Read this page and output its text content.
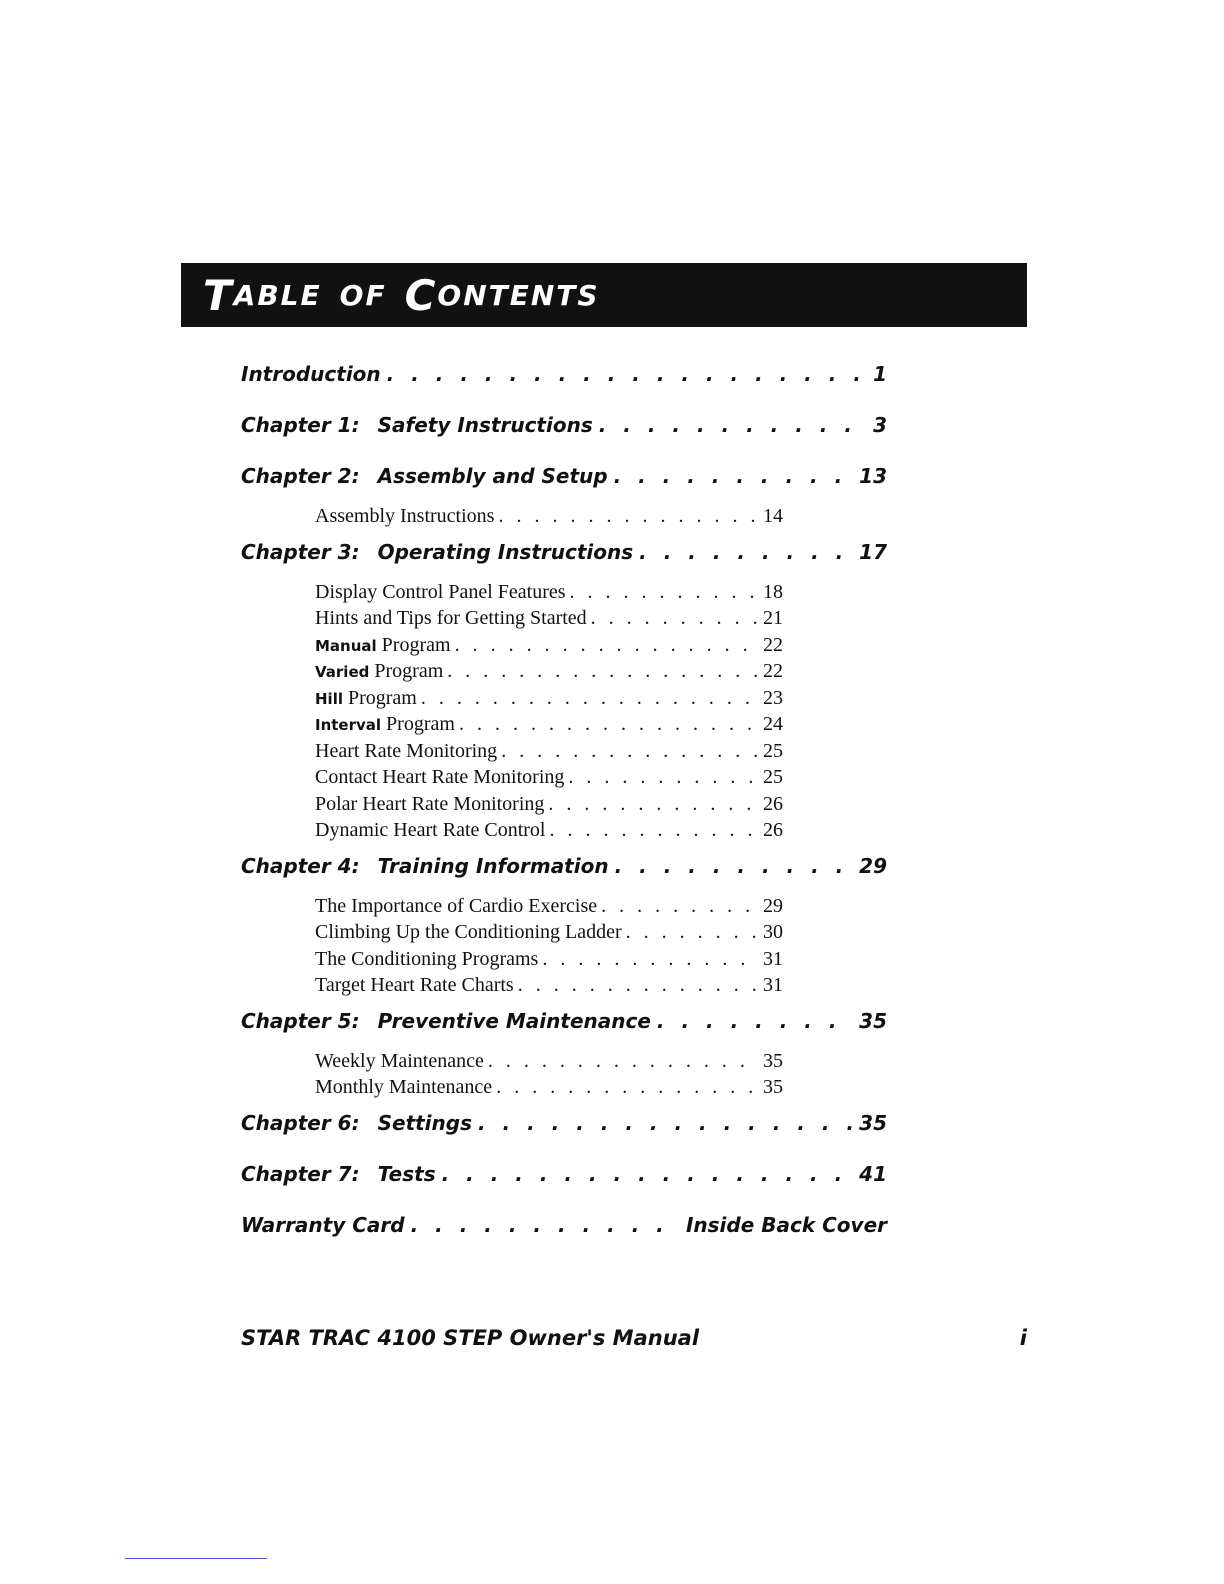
T ABLE OF C ONTENTS
Introduction . . .	1
Chapter 1: Safety Instructions . . .	3
Chapter 2: Assembly and Setup . . .	13
Assembly Instructions . . .	14
Chapter 3: Operating Instructions . . .	17
Display Control Panel Features . . .	18
Hints and Tips for Getting Started . . .	21
Manual Program . . .	22
Varied Program . . .	22
Hill Program . . .	23
Interval Program . . .	24
Heart Rate Monitoring . . .	25
Contact Heart Rate Monitoring . . .	25
Polar Heart Rate Monitoring . . .	26
Dynamic Heart Rate Control . . .	26
Chapter 4: Training Information . . .	29
The Importance of Cardio Exercise . . .	29
Climbing Up the Conditioning Ladder . . .	30
The Conditioning Programs . . .	31
Target Heart Rate Charts . . .	31
Chapter 5: Preventive Maintenance . . .	35
Weekly Maintenance . . .	35
Monthly Maintenance . . .	35
Chapter 6: Settings . . .	35
Chapter 7: Tests . . .	41
Warranty Card . . .	Inside Back Cover
STAR TRAC 4100 STEP Owner's Manual	i
